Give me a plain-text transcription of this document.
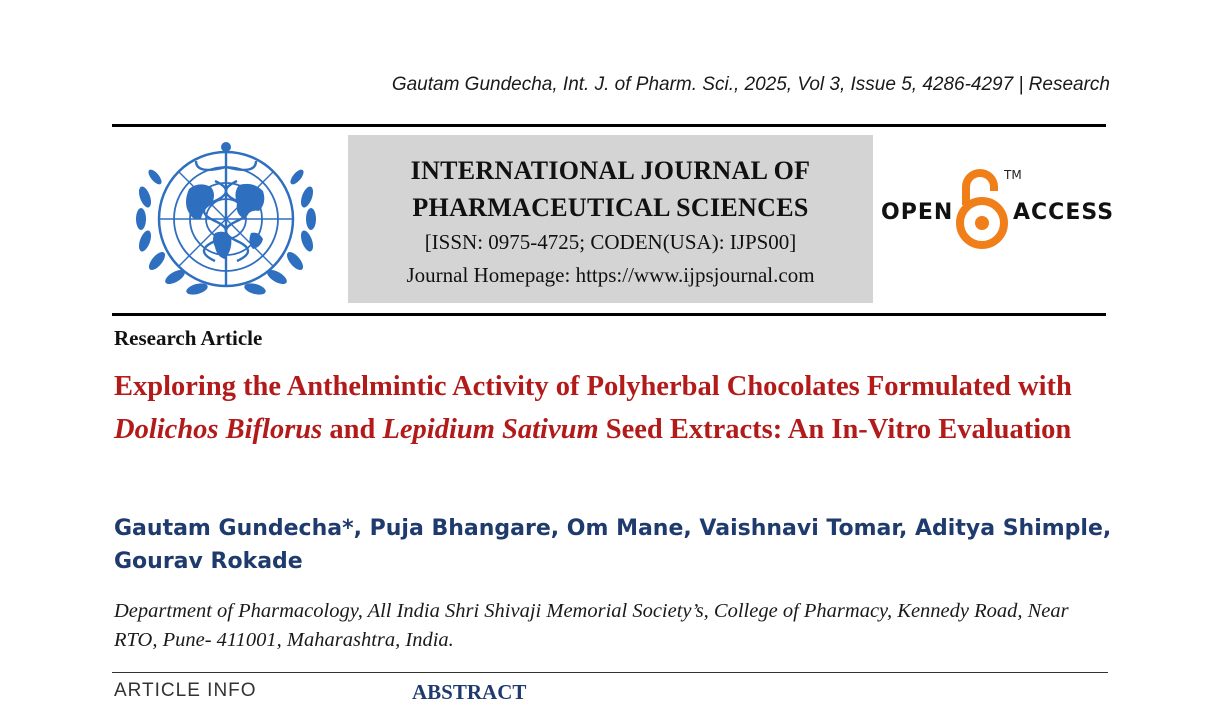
Gautam Gundecha, Int. J. of Pharm. Sci., 2025, Vol 3, Issue 5, 4286-4297 | Research
INTERNATIONAL JOURNAL OF
PHARMACEUTICAL SCIENCES
[ISSN: 0975-4725; CODEN(USA): IJPS00]
Journal Homepage: https://www.ijpsjournal.com
OPEN
TM
ACCESS
Research Article
Exploring the Anthelmintic Activity of Polyherbal Chocolates Formulated with Dolichos Biflorus and Lepidium Sativum Seed Extracts: An In-Vitro Evaluation
Gautam Gundecha*, Puja Bhangare, Om Mane, Vaishnavi Tomar, Aditya Shimple, Gourav Rokade
Department of Pharmacology, All India Shri Shivaji Memorial Society’s, College of Pharmacy, Kennedy Road, Near RTO, Pune- 411001, Maharashtra, India.
ARTICLE INFO	ABSTRACT
